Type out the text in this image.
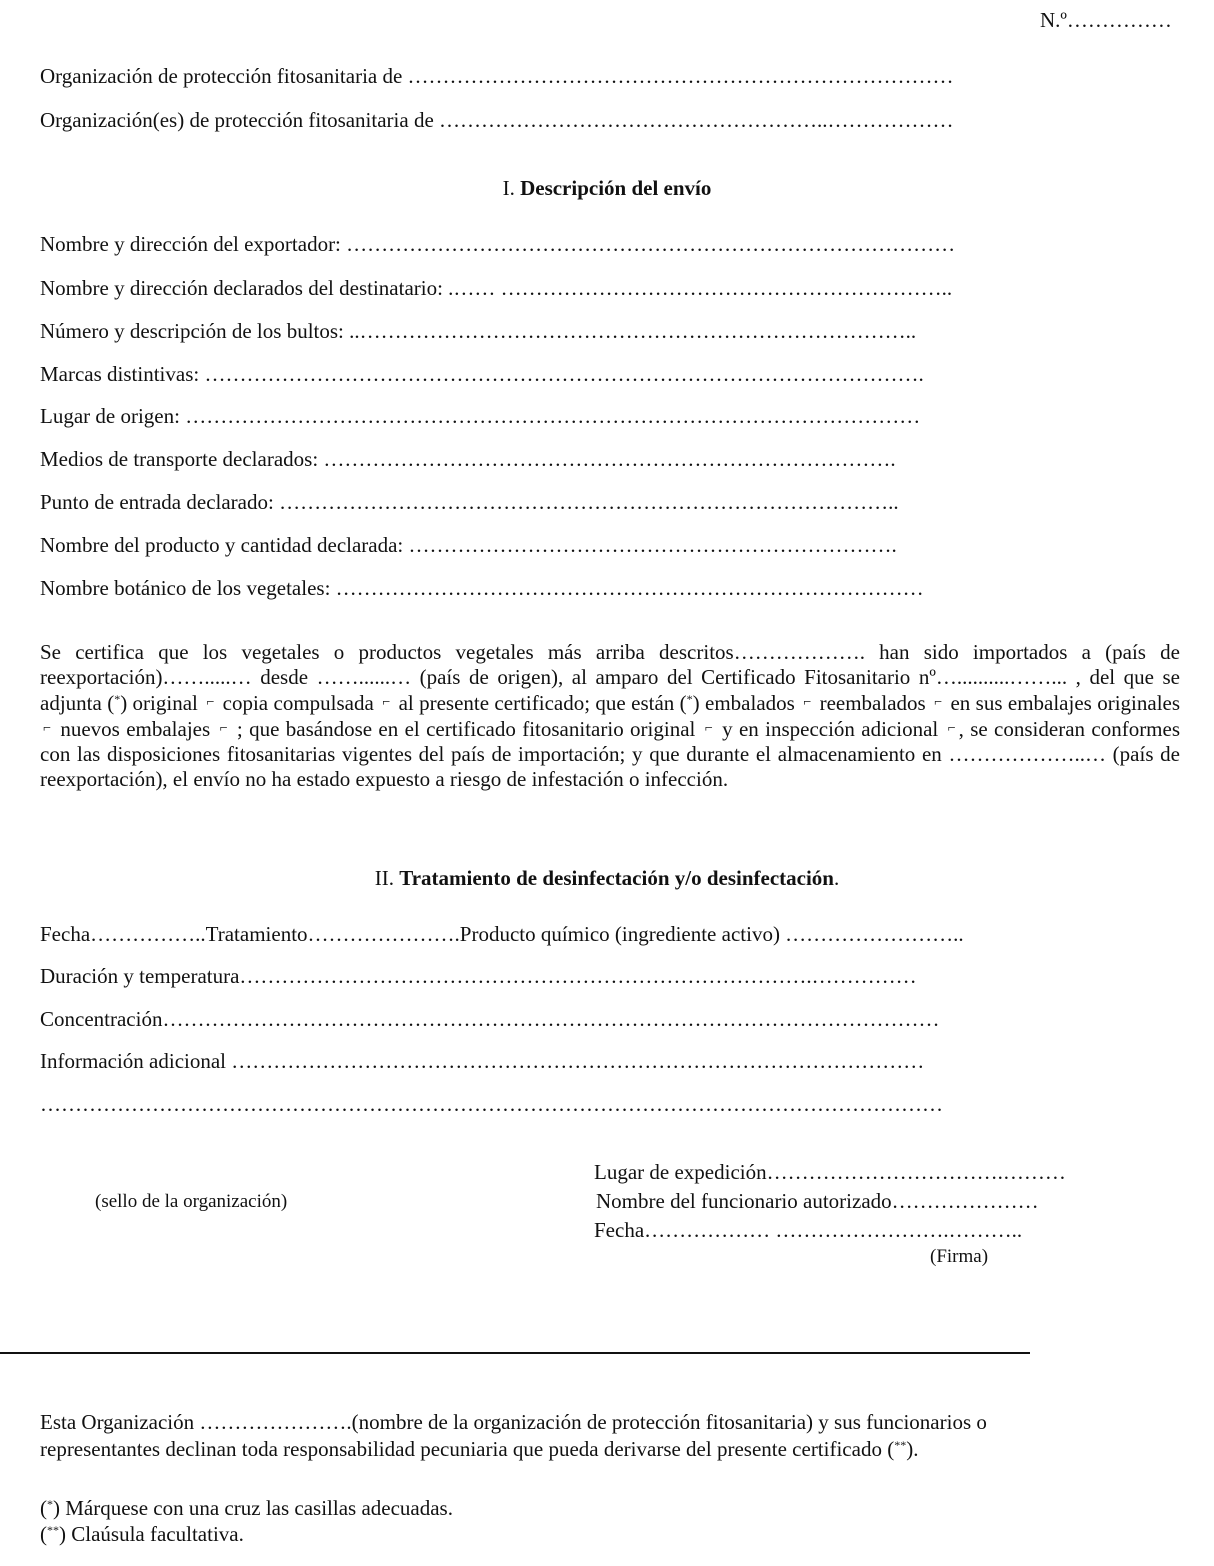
N.º……………
Organización de protección fitosanitaria de ……………………………………………………………………
Organización(es) de protección fitosanitaria de ………………………………………………..………………
I. Descripción del envío
Nombre y dirección del exportador: ……………………………………………………………………………
Nombre y dirección declarados del destinatario: .…… ………………………………………………………..
Número y descripción de los bultos: ..……………………………………………………………………..
Marcas distintivas: ………………………………………………………………………………………….
Lugar de origen: ……………………………………………………………………………………………
Medios de transporte declarados: ……………………………………………………………………….
Punto de entrada declarado: ……………………………………………………………………………..
Nombre del producto y cantidad declarada: …………………………………………………………….
Nombre botánico de los vegetales: …………………………………………………………………………
Se certifica que los vegetales o productos vegetales más arriba descritos………………. han sido importados a (país de reexportación)…….....… desde ……......… (país de origen), al amparo del Certificado Fitosanitario nº…..........……... , del que se adjunta (*) original ⌐ copia compulsada ⌐ al presente certificado; que están (*) embalados ⌐ reembalados ⌐ en sus embalajes originales ⌐ nuevos embalajes ⌐ ; que basándose en el certificado fitosanitario original ⌐ y en inspección adicional ⌐ , se consideran conformes con las disposiciones fitosanitarias vigentes del país de importación; y que durante el almacenamiento en ………………..… (país de reexportación), el envío no ha estado expuesto a riesgo de infestación o infección.
II. Tratamiento de desinfectación y/o desinfectación.
Fecha……………..Tratamiento………………….Producto químico (ingrediente activo) ……………………..
Duración y temperatura……………………………………………………………………….……………
Concentración…………………………………………………………………………………………………
Información adicional ………………………………………………………………………………………
…………………………………………………………………………………………………………………
(sello de la organización)
Lugar de expedición…………………………….………
Nombre del funcionario autorizado…………………
Fecha……………… …………………….………..
(Firma)
Esta Organización ………………….(nombre de la organización de protección fitosanitaria) y sus funcionarios o
representantes declinan toda responsabilidad pecuniaria que pueda derivarse del presente certificado (**).
(*) Márquese con una cruz las casillas adecuadas.
(**) Claúsula facultativa.
